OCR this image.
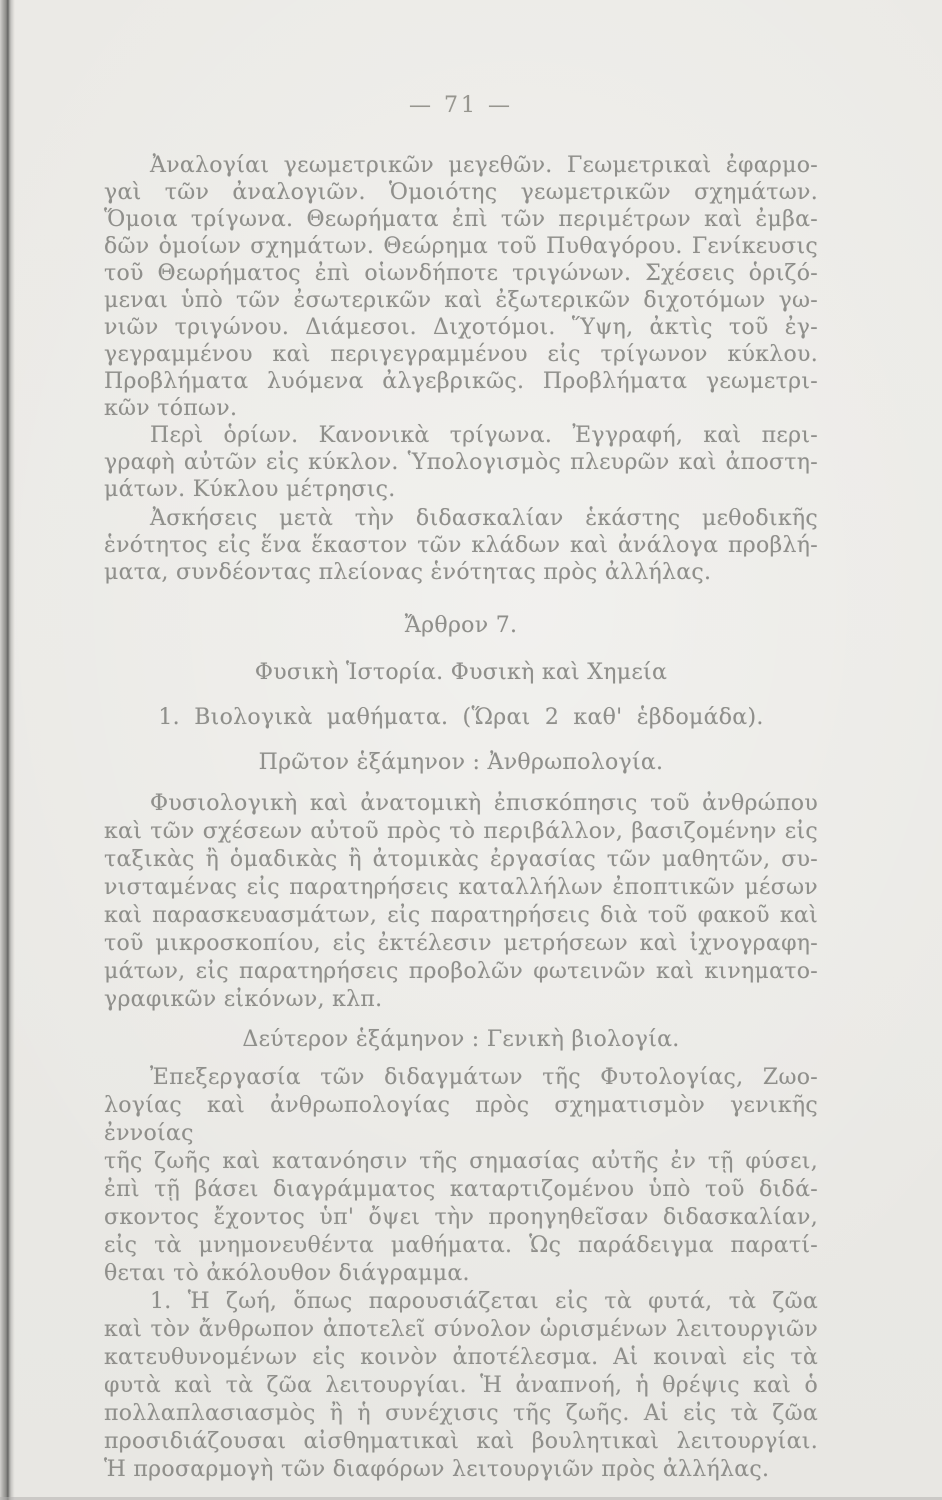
— 71 —
Ἀναλογίαι γεωμετρικῶν μεγεθῶν. Γεωμετρικαὶ ἐφαρμο-
γαὶ τῶν ἀναλογιῶν. Ὁμοιότης γεωμετρικῶν σχημάτων.
Ὅμοια τρίγωνα. Θεωρήματα ἐπὶ τῶν περιμέτρων καὶ ἐμβα-
δῶν ὁμοίων σχημάτων. Θεώρημα τοῦ Πυθαγόρου. Γενίκευσις
τοῦ Θεωρήματος ἐπὶ οἱωνδήποτε τριγώνων. Σχέσεις ὁριζό-
μεναι ὑπὸ τῶν ἐσωτερικῶν καὶ ἐξωτερικῶν διχοτόμων γω-
νιῶν τριγώνου. Διάμεσοι. Διχοτόμοι. Ὕψη, ἀκτὶς τοῦ ἐγ-
γεγραμμένου καὶ περιγεγραμμένου εἰς τρίγωνον κύκλου.
Προβλήματα λυόμενα ἀλγεβρικῶς. Προβλήματα γεωμετρι-
κῶν τόπων.
Περὶ ὁρίων. Κανονικὰ τρίγωνα. Ἐγγραφή, καὶ περι-
γραφὴ αὐτῶν εἰς κύκλον. Ὑπολογισμὸς πλευρῶν καὶ ἀποστη-
μάτων. Κύκλου μέτρησις.
Ἀσκήσεις μετὰ τὴν διδασκαλίαν ἑκάστης μεθοδικῆς
ἑνότητος εἰς ἕνα ἕκαστον τῶν κλάδων καὶ ἀνάλογα προβλή-
ματα, συνδέοντας πλείονας ἑνότητας πρὸς ἀλλήλας.
Ἄρθρον 7.
Φυσικὴ Ἱστορία. Φυσικὴ καὶ Χημεία
1. Βιολογικὰ μαθήματα. (Ὥραι 2 καθ' ἑβδομάδα).
Πρῶτον ἑξάμηνον : Ἀνθρωπολογία.
Φυσιολογικὴ καὶ ἀνατομικὴ ἐπισκόπησις τοῦ ἀνθρώπου
καὶ τῶν σχέσεων αὐτοῦ πρὸς τὸ περιβάλλον, βασιζομένην εἰς
ταξικὰς ἢ ὁμαδικὰς ἢ ἀτομικὰς ἐργασίας τῶν μαθητῶν, συ-
νισταμένας εἰς παρατηρήσεις καταλλήλων ἐποπτικῶν μέσων
καὶ παρασκευασμάτων, εἰς παρατηρήσεις διὰ τοῦ φακοῦ καὶ
τοῦ μικροσκοπίου, εἰς ἐκτέλεσιν μετρήσεων καὶ ἰχνογραφη-
μάτων, εἰς παρατηρήσεις προβολῶν φωτεινῶν καὶ κινηματο-
γραφικῶν εἰκόνων, κλπ.
Δεύτερον ἑξάμηνον : Γενικὴ βιολογία.
Ἐπεξεργασία τῶν διδαγμάτων τῆς Φυτολογίας, Ζωο-
λογίας καὶ ἀνθρωπολογίας πρὸς σχηματισμὸν γενικῆς ἐννοίας
τῆς ζωῆς καὶ κατανόησιν τῆς σημασίας αὐτῆς ἐν τῇ φύσει,
ἐπὶ τῇ βάσει διαγράμματος καταρτιζομένου ὑπὸ τοῦ διδά-
σκοντος ἔχοντος ὑπ' ὄψει τὴν προηγηθεῖσαν διδασκαλίαν,
εἰς τὰ μνημονευθέντα μαθήματα. Ὡς παράδειγμα παρατί-
θεται τὸ ἀκόλουθον διάγραμμα.
1. Ἡ ζωή, ὅπως παρουσιάζεται εἰς τὰ φυτά, τὰ ζῶα
καὶ τὸν ἄνθρωπον ἀποτελεῖ σύνολον ὡρισμένων λειτουργιῶν
κατευθυνομένων εἰς κοινὸν ἀποτέλεσμα. Αἱ κοιναὶ εἰς τὰ
φυτὰ καὶ τὰ ζῶα λειτουργίαι. Ἡ ἀναπνοή, ἡ θρέψις καὶ ὁ
πολλαπλασιασμὸς ἢ ἡ συνέχισις τῆς ζωῆς. Αἱ εἰς τὰ ζῶα
προσιδιάζουσαι αἰσθηματικαὶ καὶ βουλητικαὶ λειτουργίαι.
Ἡ προσαρμογὴ τῶν διαφόρων λειτουργιῶν πρὸς ἀλλήλας.
